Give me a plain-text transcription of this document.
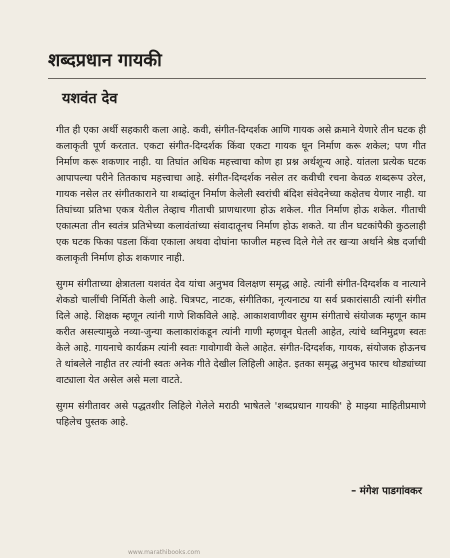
शब्दप्रधान गायकी
यशवंत देव

गीत ही एका अर्थी सहकारी कला आहे. कवी, संगीत-दिग्दर्शक आणि गायक असे क्रमाने येणारे तीन घटक ही कलाकृती पूर्ण करतात. एकटा संगीत-दिग्दर्शक किंवा एकटा गायक धून निर्माण करू शकेल; पण गीत निर्माण करू शकणार नाही. या तिघांत अधिक महत्त्वाचा कोण हा प्रश्न अर्थशून्य आहे. यांतला प्रत्येक घटक आपापल्या परीने तितकाच महत्त्वाचा आहे. संगीत-दिग्दर्शक नसेल तर कवीची रचना केवळ शब्दरूप उरेल, गायक नसेल तर संगीतकाराने या शब्दांतून निर्माण केलेली स्वरांची बंदिश संवेदनेच्या कक्षेतच येणार नाही. या तिघांच्या प्रतिभा एकत्र येतील तेव्हाच गीताची प्राणधारणा होऊ शकेल. गीत निर्माण होऊ शकेल. गीताची एकात्मता तीन स्वतंत्र प्रतिभेच्या कलावंतांच्या संवादातूनच निर्माण होऊ शकते. या तीन घटकांपैकी कुठलाही एक घटक फिका पडला किंवा एकाला अथवा दोघांना फाजील महत्त्व दिले गेले तर खऱ्या अर्थाने श्रेष्ठ दर्जाची कलाकृती निर्माण होऊ शकणार नाही.

सुगम संगीताच्या क्षेत्रातला यशवंत देव यांचा अनुभव विलक्षण समृद्ध आहे. त्यांनी संगीत-दिग्दर्शक व नात्याने शेकडो चालींची निर्मिती केली आहे. चित्रपट, नाटक, संगीतिका, नृत्यनाट्य या सर्व प्रकारांसाठी त्यांनी संगीत दिले आहे. शिक्षक म्हणून त्यांनी गाणे शिकविले आहे. आकाशवाणीवर सुगम संगीताचे संयोजक म्हणून काम करीत असल्यामुळे नव्या-जुन्या कलाकारांकडून त्यांनी गाणी म्हणवून घेतली आहेत, त्यांचे ध्वनिमुद्रण स्वतः केले आहे. गायनाचे कार्यक्रम त्यांनी स्वतः गावोगावी केले आहेत. संगीत-दिग्दर्शक, गायक, संयोजक होऊनच ते थांबलेले नाहीत तर त्यांनी स्वतः अनेक गीते देखील लिहिली आहेत. इतका समृद्ध अनुभव फारच थोड्यांच्या वाट्याला येत असेल असे मला वाटते.

सुगम संगीतावर असे पद्धतशीर लिहिले गेलेले मराठी भाषेतले 'शब्दप्रधान गायकी' हे माझ्या माहितीप्रमाणे पहिलेच पुस्तक आहे.

– मंगेश पाडगांवकर

www.marathibooks.com
